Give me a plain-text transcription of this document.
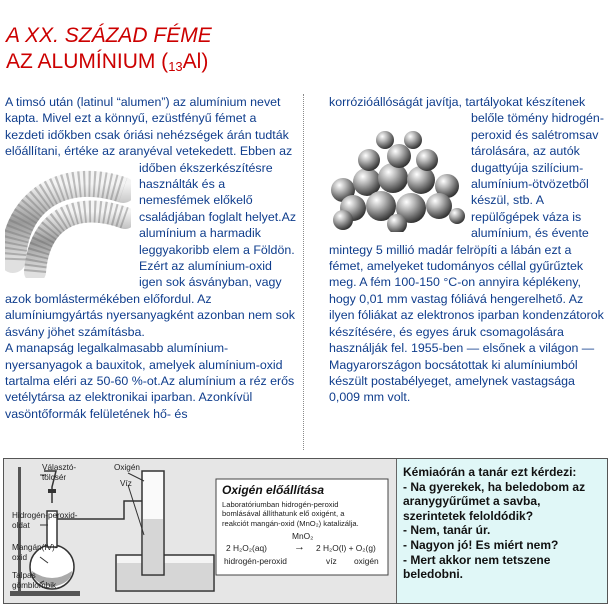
A XX. SZÁZAD FÉME
AZ ALUMÍNIUM $(_{13}Al)$

A timsó után (latinul “alumen”) az alumínium nevet kapta. Mivel ezt a könnyű, ezüstfényű fémet a kezdeti időkben csak óriási nehézségek árán tudták előállítani, értéke az aranyéval vetekedett. Ebben az időben
ékszerkészítésre használták és a nemesfémek előkelő családjában foglalt helyet.Az alumínium a harmadik leggyakoribb elem a Földön. Ezért az alumínium-oxid igen sok ásványban, vagy azok bomlástermékében előfordul. Az alumíniumgyártás nyersanyagként azonban nem sok ásvány jöhet számításba.

A manapság legalkalmasabb alumínium-nyersanyagok a bauxitok, amelyek alumínium-oxid tartalma eléri az 50-60 %-ot.Az alumínium a réz erős vetélytársa az elektronikai iparban. Azonkívül vasöntőformák felületének hő- és

korrózióállóságát javítja, tartályokat készítenek
belőle tömény hidrogén-peroxid és salétromsav tárolására, az autók dugattyúja szilícium-alumínium-ötvözetből készül, stb. A repülőgépek váza is alumínium, és évente mintegy 5 millió madár felröpíti a lábán ezt a fémet, amelyeket tudományos céllal gyűrűztek meg. A fém 100-150 °C-on annyira képlékeny, hogy 0,01 mm vastag fóliává hengerelhető. Az ilyen fóliákat az elektronos iparban kondenzátorok készítésére, és egyes áruk csomagolására használják fel. 1955-ben — elsőnek a világon — Magyarországon bocsátottak ki alumíniumból készült postabélyeget, amelynek vastagsága 0,009 mm volt.

Választó-
tölcsér
Hidrogén-peroxid-
oldat
Mangán(IV)-
oxid
Talpas
gömblombik
Oxigén
Víz	Oxigén előállítása
Laboratóriumban hidrogén-peroxid
bomlásával állíthatunk elő oxigént, a
reakciót mangán-oxid (MnO₂) katalizálja.
MnO₂
2 H₂O₂(aq) → 2 H₂O(l) + O₂(g)
hidrogén-peroxid	víz oxigén

Kémiaórán a tanár ezt kérdezi:

- Na gyerekek, ha beledobom az aranygyűrűmet a savba, szerintetek feloldódik?

- Nem, tanár úr.

- Nagyon jó! Es miért nem?

- Mert akkor nem tetszene beledobni.
